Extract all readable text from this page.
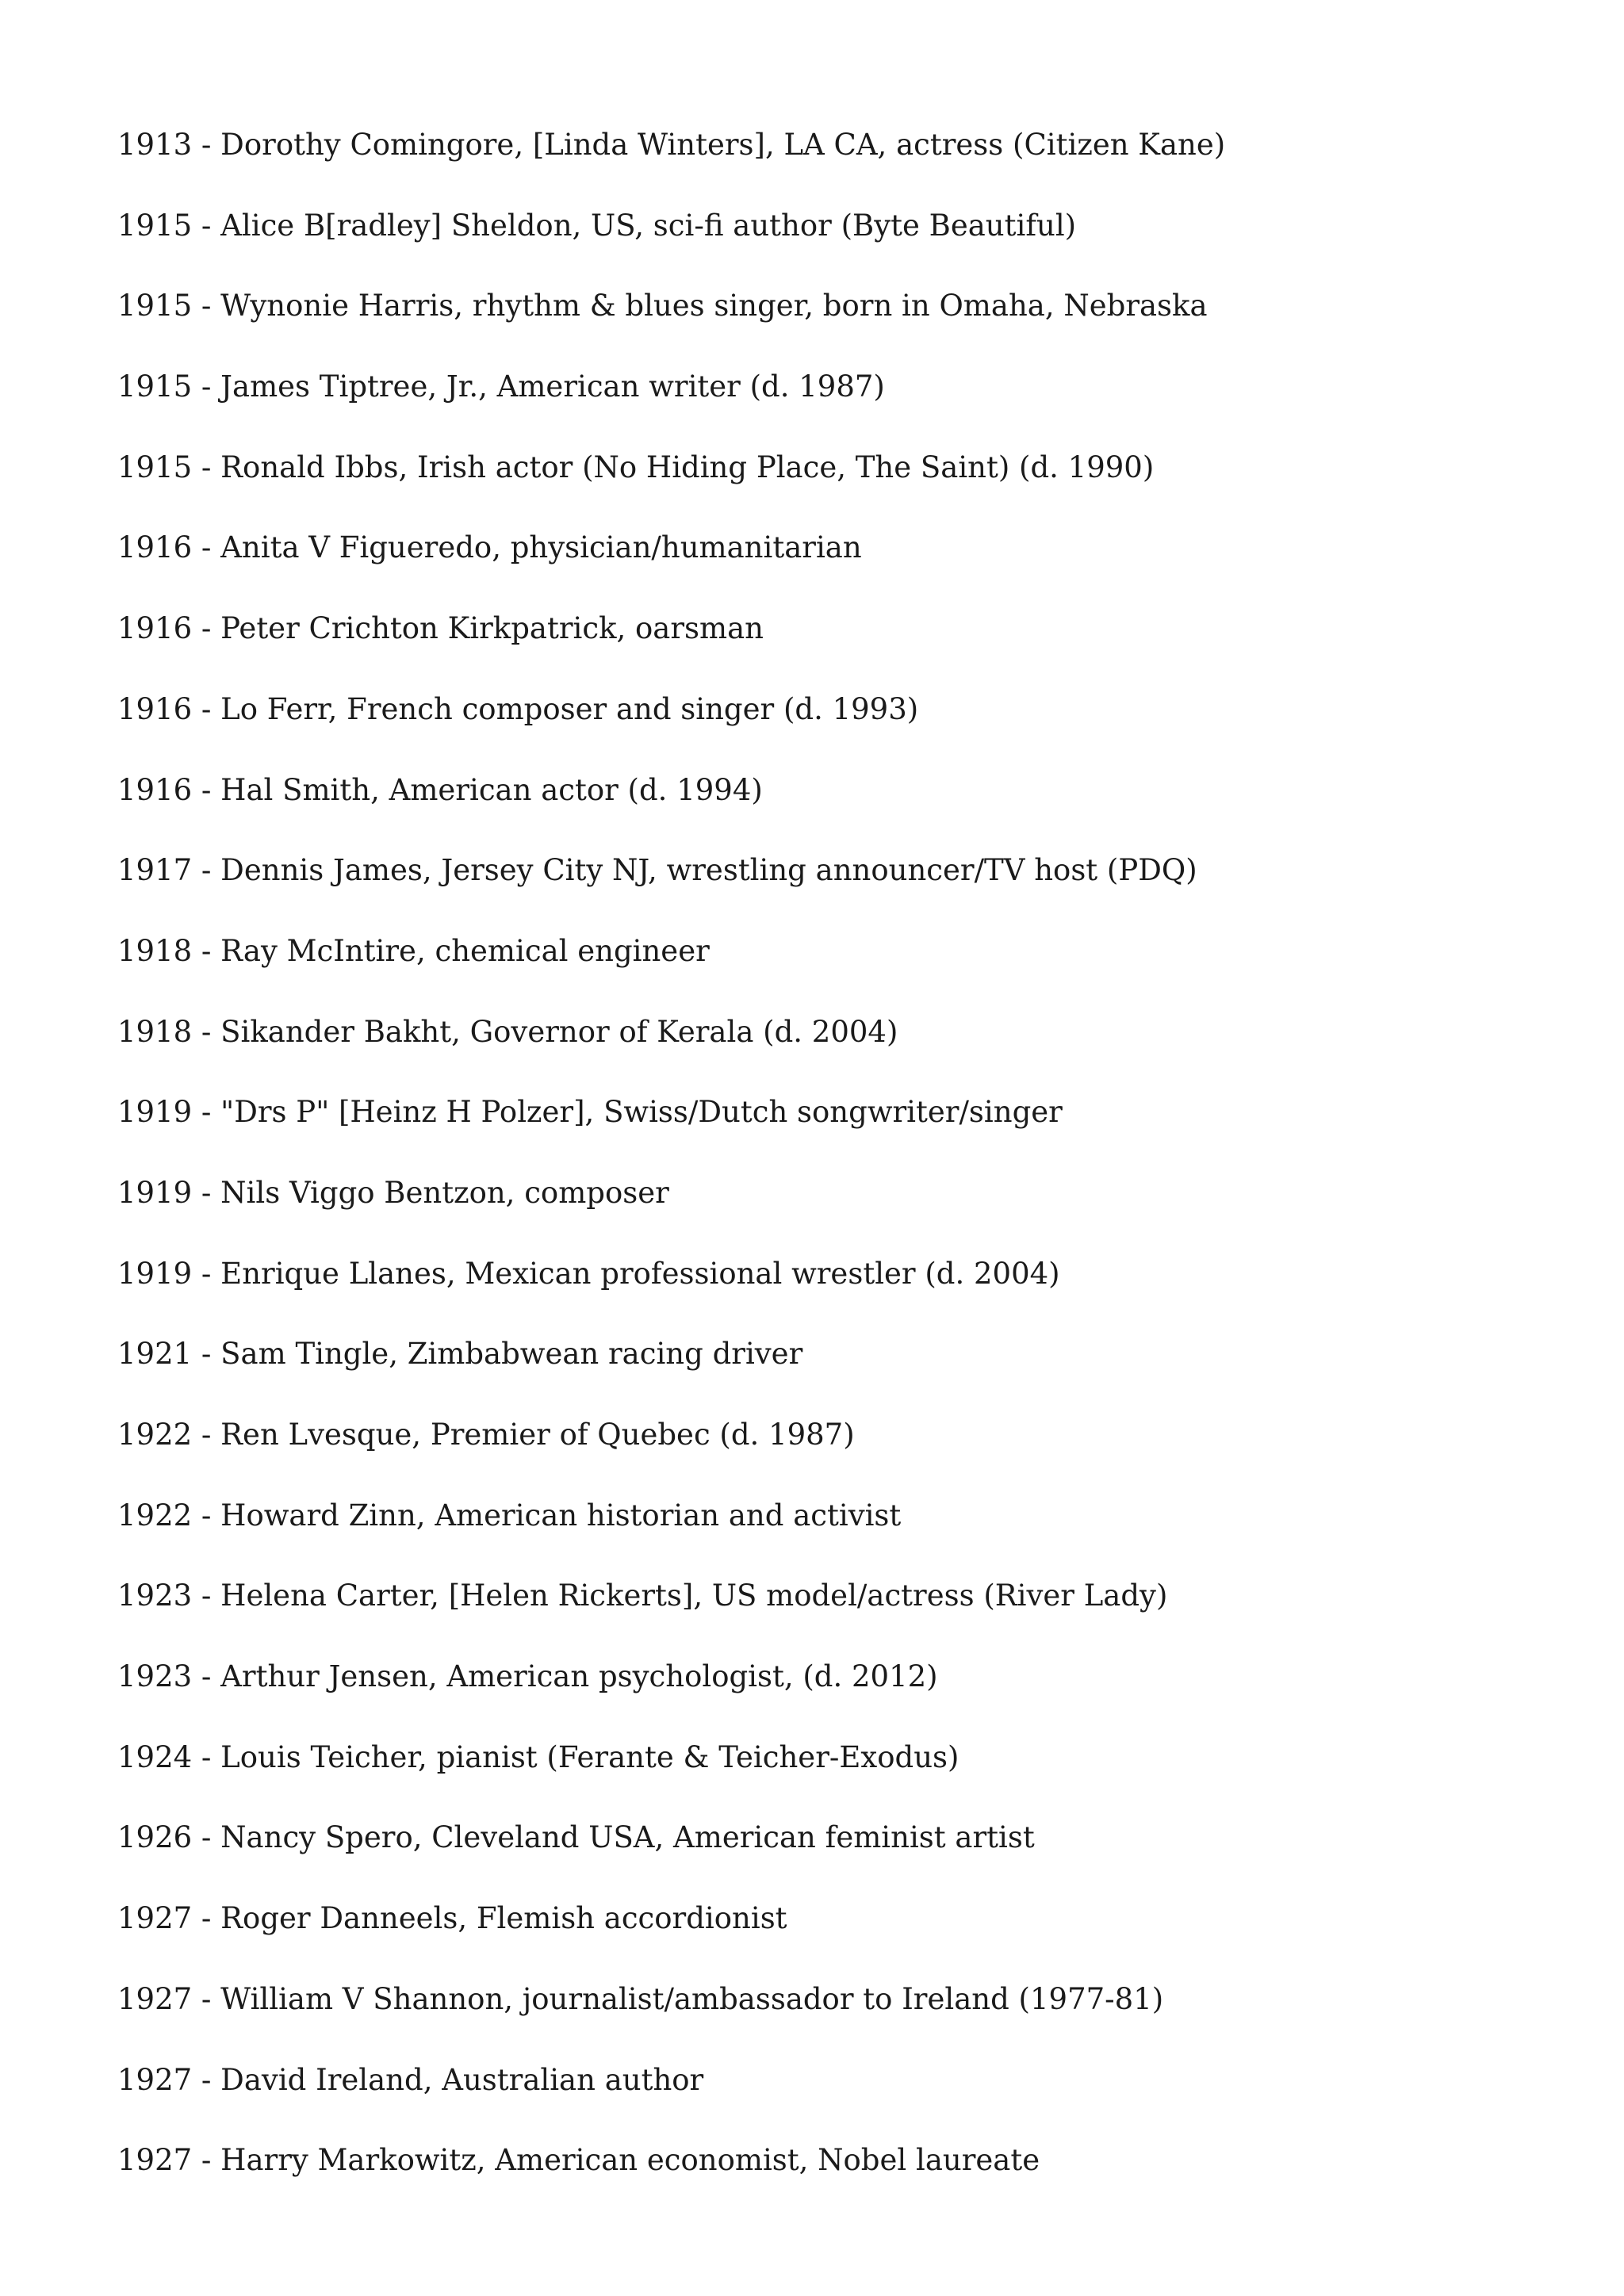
1913 - Dorothy Comingore, [Linda Winters], LA CA, actress (Citizen Kane)

1915 - Alice B[radley] Sheldon, US, sci-fi author (Byte Beautiful)

1915 - Wynonie Harris, rhythm & blues singer, born in Omaha, Nebraska

1915 - James Tiptree, Jr., American writer (d. 1987)

1915 - Ronald Ibbs, Irish actor (No Hiding Place, The Saint) (d. 1990)

1916 - Anita V Figueredo, physician/humanitarian

1916 - Peter Crichton Kirkpatrick, oarsman

1916 - Lo Ferr, French composer and singer (d. 1993)

1916 - Hal Smith, American actor (d. 1994)

1917 - Dennis James, Jersey City NJ, wrestling announcer/TV host (PDQ)

1918 - Ray McIntire, chemical engineer

1918 - Sikander Bakht, Governor of Kerala (d. 2004)

1919 - "Drs P" [Heinz H Polzer], Swiss/Dutch songwriter/singer

1919 - Nils Viggo Bentzon, composer

1919 - Enrique Llanes, Mexican professional wrestler (d. 2004)

1921 - Sam Tingle, Zimbabwean racing driver

1922 - Ren Lvesque, Premier of Quebec (d. 1987)

1922 - Howard Zinn, American historian and activist

1923 - Helena Carter, [Helen Rickerts], US model/actress (River Lady)

1923 - Arthur Jensen, American psychologist, (d. 2012)

1924 - Louis Teicher, pianist (Ferante & Teicher-Exodus)

1926 - Nancy Spero, Cleveland USA, American feminist artist

1927 - Roger Danneels, Flemish accordionist

1927 - William V Shannon, journalist/ambassador to Ireland (1977-81)

1927 - David Ireland, Australian author

1927 - Harry Markowitz, American economist, Nobel laureate
